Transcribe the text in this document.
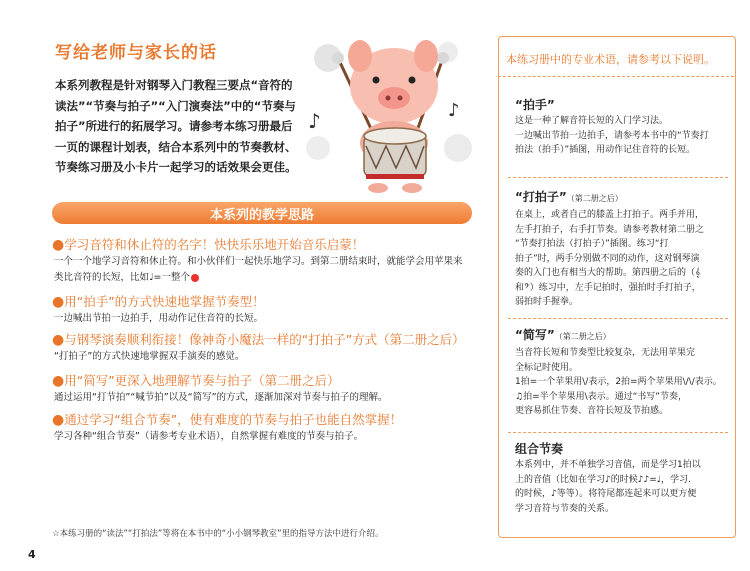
写给老师与家长的话
本系列教程是针对钢琴入门教程三要点“音符的读法”“节奏与拍子”“入门演奏法”中的“节奏与拍子”所进行的拓展学习。请参考本练习册最后一页的课程计划表，结合本系列中的节奏教材、节奏练习册及小卡片一起学习的话效果会更佳。
♪	♪
本系列的教学思路
●学习音符和休止符的名字！快快乐乐地开始音乐启蒙！
一个一个地学习音符和休止符。和小伙伴们一起快乐地学习。到第二册结束时，就能学会用苹果来
类比音符的长短，比如♩=一整个
●用“拍手”的方式快速地掌握节奏型！
一边喊出节拍一边拍手，用动作记住音符的长短。
●与钢琴演奏顺利衔接！像神奇小魔法一样的“打拍子”方式（第二册之后）
“打拍子”的方式快速地掌握双手演奏的感觉。
●用“简写”更深入地理解节奏与拍子（第二册之后）
通过运用“打节拍”“喊节拍”以及“简写”的方式，逐渐加深对节奏与拍子的理解。
●通过学习“组合节奏”，使有难度的节奏与拍子也能自然掌握！
学习各种“组合节奏”（请参考专业术语），自然掌握有难度的节奏与拍子。
☆本练习册的“读法”“打拍法”等将在本书中的“小小钢琴教室”里的指导方法中进行介绍。
4
本练习册中的专业术语，请参考以下说明。
“拍手”
这是一种了解音符长短的入门学习法。
一边喊出节拍一边拍手，请参考本书中的“节奏打
拍法（拍手）”插图，用动作记住音符的长短。
“打拍子”（第二册之后）
在桌上，或者自己的膝盖上打拍子。两手并用，
左手打拍子，右手打节奏。请参考教材第二册之
“节奏打拍法（打拍子）”插图。练习“打
拍子”时，两手分别做不同的动作，这对钢琴演
奏的入门也有相当大的帮助。第四册之后的（𝄞
和𝄢）练习中，左手记拍时，强拍时手打拍子，
弱拍时手握拳。
“简写”（第二册之后）
当音符长短和节奏型比较复杂，无法用苹果完
全标记时使用。
1拍=一个苹果用\/表示，2拍=两个苹果用\/\/表示。
♫拍=半个苹果用\表示。通过“书写”节奏，
更容易抓住节奏、音符长短及节拍感。
组合节奏
本系列中，并不单独学习音值，而是学习1拍以
上的音值（比如在学习♪的时候♪♪=♩，学习.
的时候，♪等等）。将符尾都连起来可以更方便
学习音符与节奏的关系。
